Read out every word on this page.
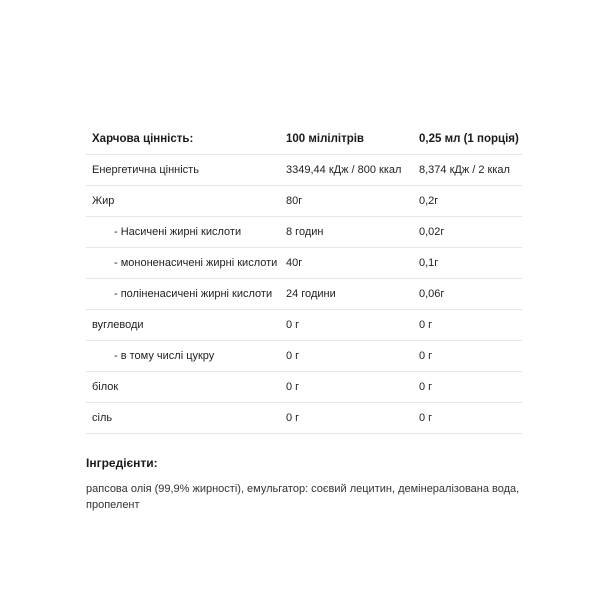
Харчова цінність:	100 мілілітрів	0,25 мл (1 порція)
Енергетична цінність	3349,44 кДж / 800 ккал	8,374 кДж / 2 ккал
Жир	80г	0,2г
- Насичені жирні кислоти	8 годин	0,02г
- мононенасичені жирні кислоти	40г	0,1г
- поліненасичені жирні кислоти	24 години	0,06г
вуглеводи	0 г	0 г
- в тому числі цукру	0 г	0 г
білок	0 г	0 г
сіль	0 г	0 г

Інгредієнти:

рапсова олія (99,9% жирності), емульгатор: соєвий лецитин, демінералізована вода, пропелент
